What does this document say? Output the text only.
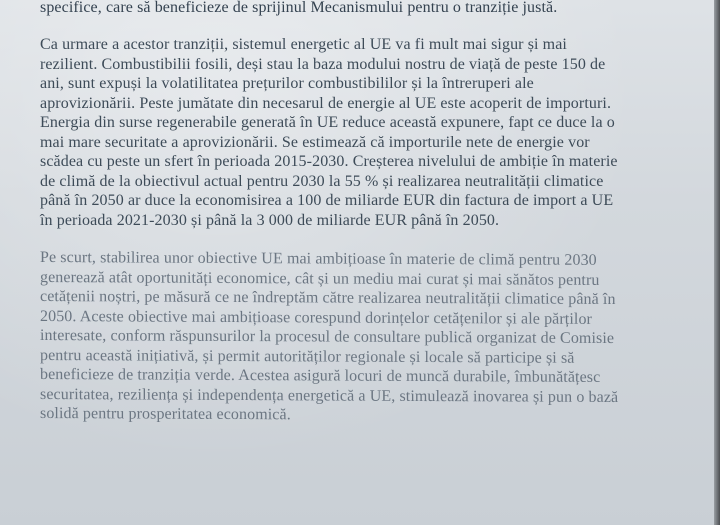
specifice, care să beneficieze de sprijinul Mecanismului pentru o tranziție justă.
Ca urmare a acestor tranziții, sistemul energetic al UE va fi mult mai sigur și mai
rezilient. Combustibilii fosili, deși stau la baza modului nostru de viață de peste 150 de
ani, sunt expuși la volatilitatea prețurilor combustibililor și la întreruperi ale
aprovizionării. Peste jumătate din necesarul de energie al UE este acoperit de importuri.
Energia din surse regenerabile generată în UE reduce această expunere, fapt ce duce la o
mai mare securitate a aprovizionării. Se estimează că importurile nete de energie vor
scădea cu peste un sfert în perioada 2015-2030. Creșterea nivelului de ambiție în materie
de climă de la obiectivul actual pentru 2030 la 55 % și realizarea neutralității climatice
până în 2050 ar duce la economisirea a 100 de miliarde EUR din factura de import a UE
în perioada 2021-2030 și până la 3 000 de miliarde EUR până în 2050.
Pe scurt, stabilirea unor obiective UE mai ambițioase în materie de climă pentru 2030
generează atât oportunități economice, cât și un mediu mai curat și mai sănătos pentru
cetățenii noștri, pe măsură ce ne îndreptăm către realizarea neutralității climatice până în
2050. Aceste obiective mai ambițioase corespund dorințelor cetățenilor și ale părților
interesate, conform răspunsurilor la procesul de consultare publică organizat de Comisie
pentru această inițiativă, și permit autorităților regionale și locale să participe și să
beneficieze de tranziția verde. Acestea asigură locuri de muncă durabile, îmbunătățesc
securitatea, reziliența și independența energetică a UE, stimulează inovarea și pun o bază
solidă pentru prosperitatea economică.
